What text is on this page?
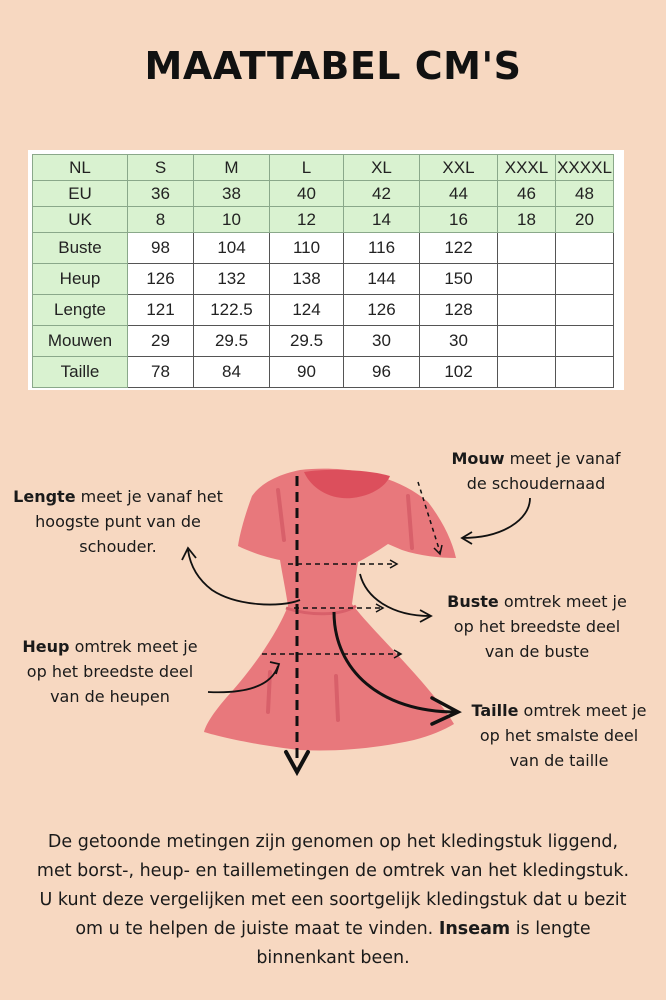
MAATTABEL CM'S
NL	S	M	L	XL	XXL	XXXL	XXXXL
EU	36	38	40	42	44	46	48
UK	8	10	12	14	16	18	20
Buste	98	104	110	116	122		
Heup	126	132	138	144	150		
Lengte	121	122.5	124	126	128		
Mouwen	29	29.5	29.5	30	30		
Taille	78	84	90	96	102		
Mouw meet je vanaf
de schoudernaad
Lengte meet je vanaf het
hoogste punt van de
schouder.
Buste omtrek meet je
op het breedste deel
van de buste
Heup omtrek meet je
op het breedste deel
van de heupen
Taille omtrek meet je
op het smalste deel
van de taille
De getoonde metingen zijn genomen op het kledingstuk liggend, met borst-, heup- en taillemetingen de omtrek van het kledingstuk. U kunt deze vergelijken met een soortgelijk kledingstuk dat u bezit om u te helpen de juiste maat te vinden. Inseam is lengte binnenkant been.
